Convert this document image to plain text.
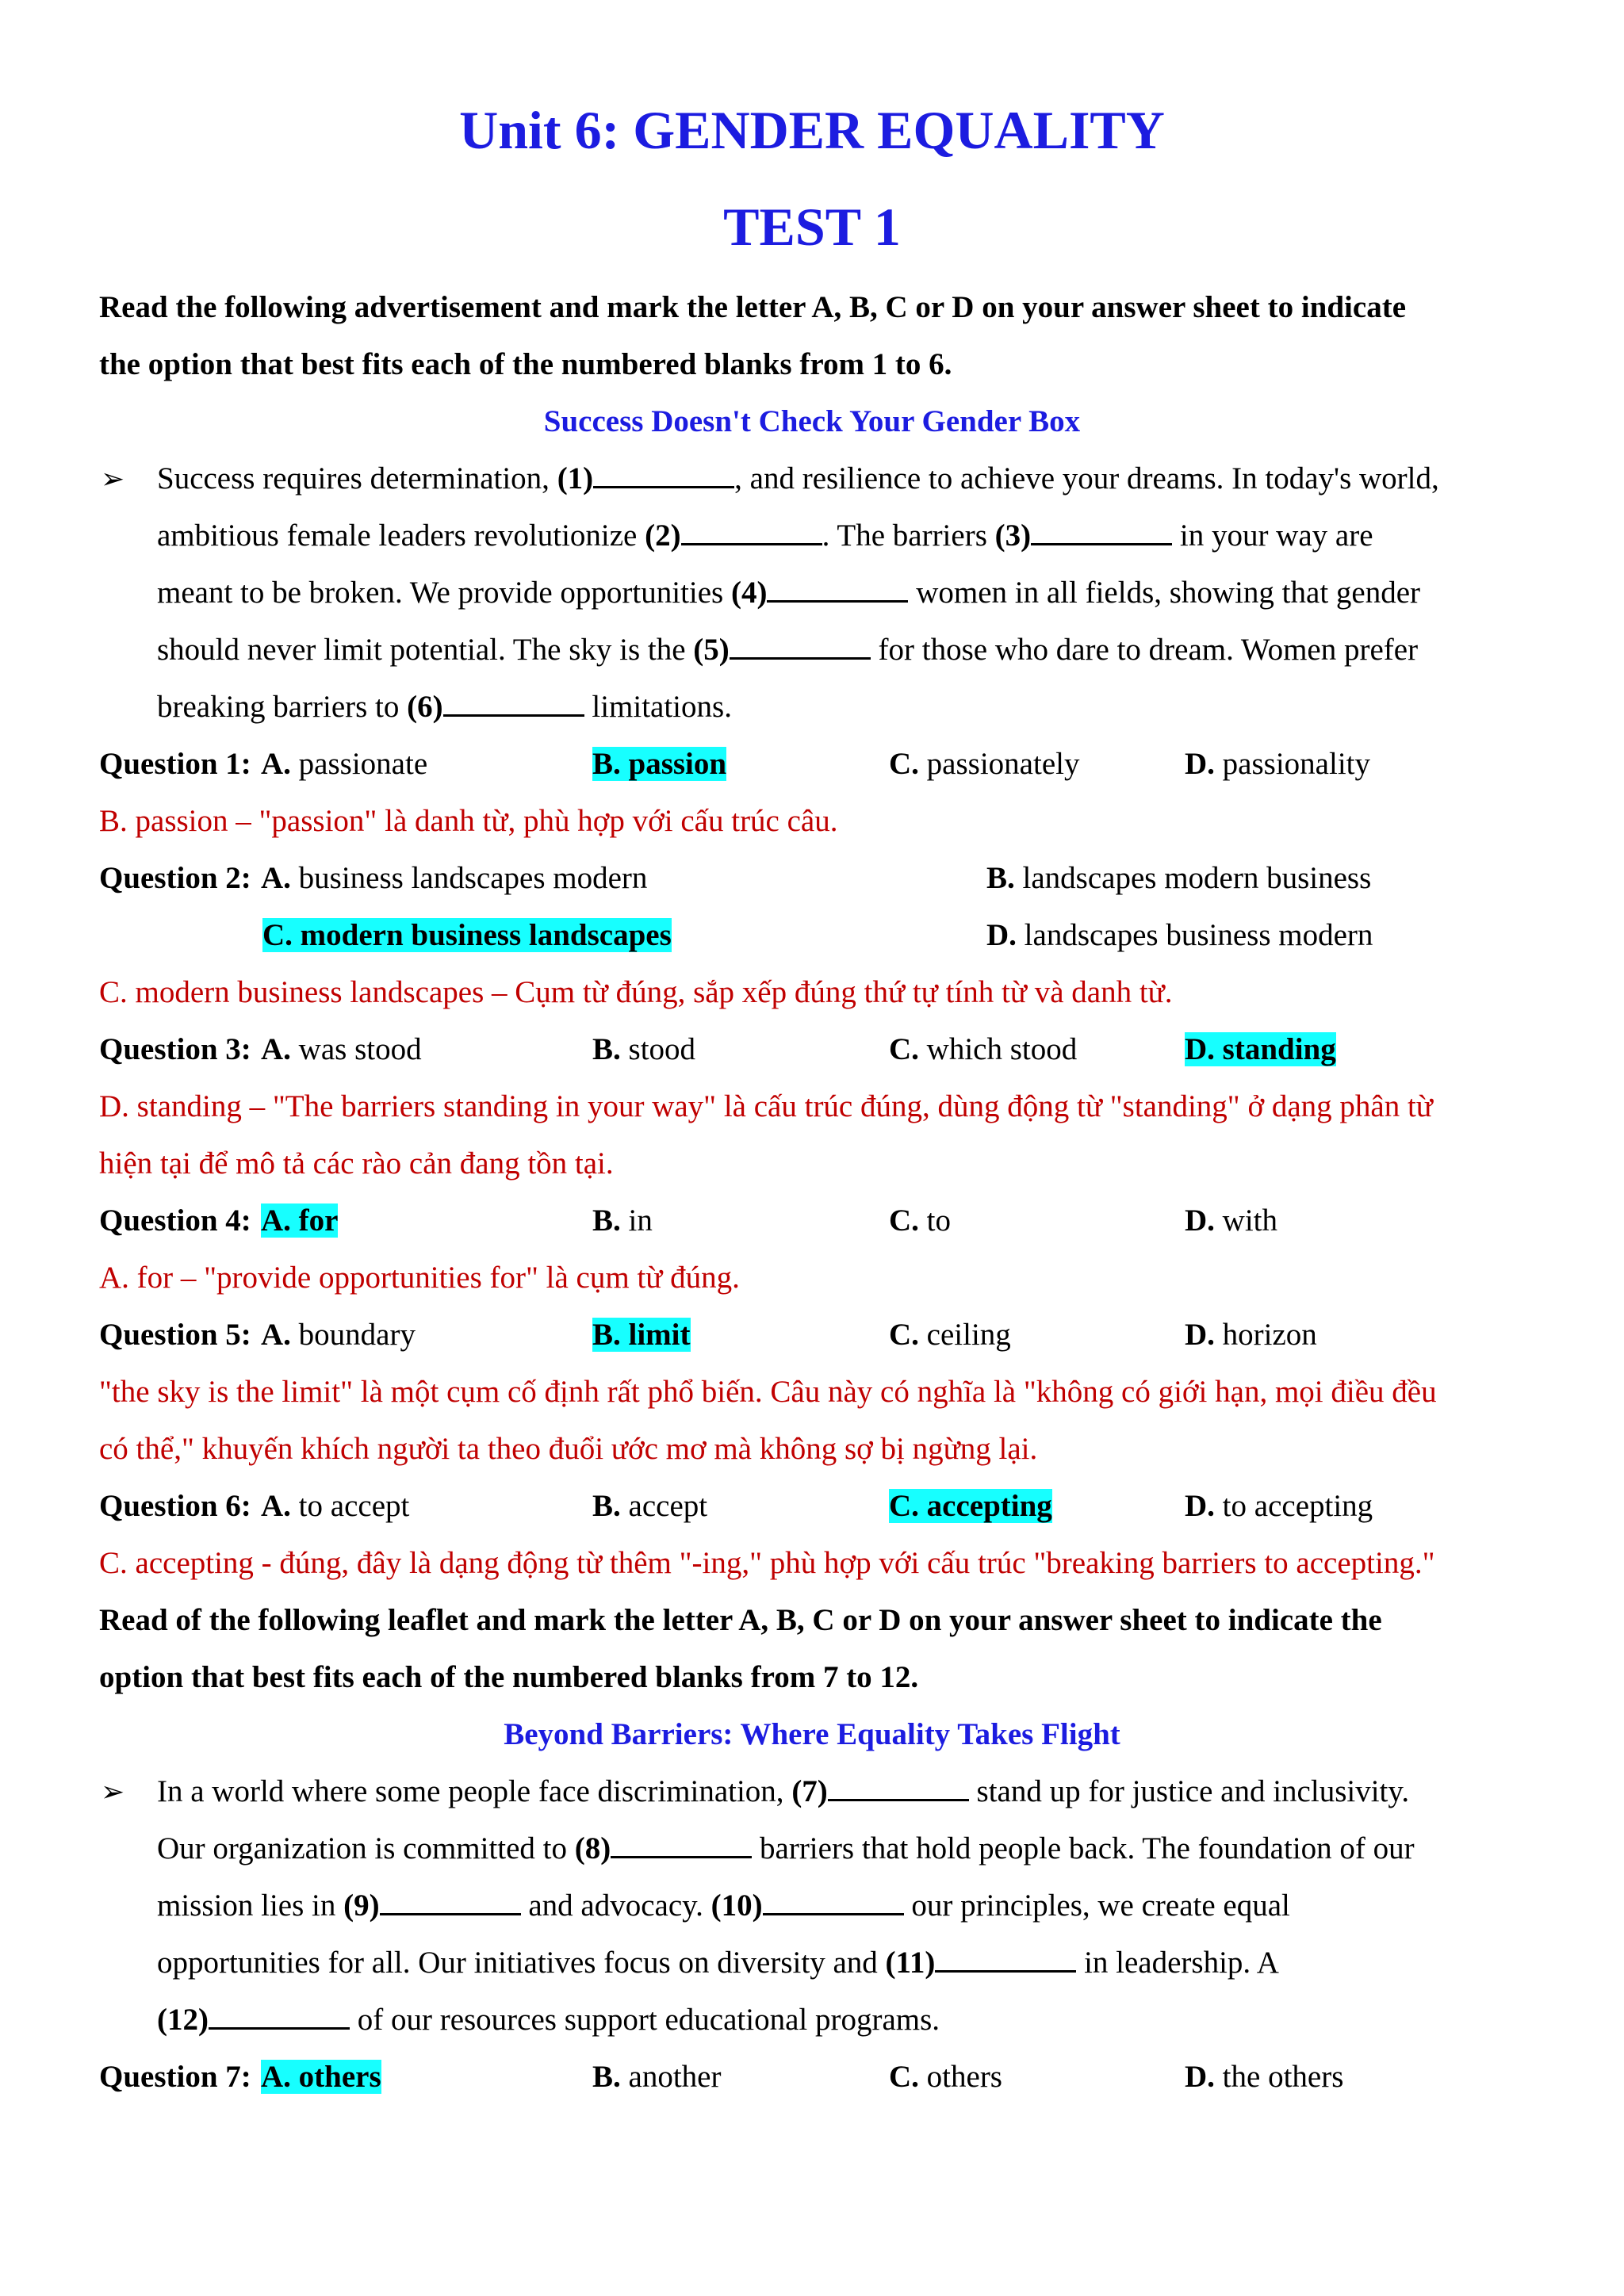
Unit 6: GENDER EQUALITY
TEST 1
Read the following advertisement and mark the letter A, B, C or D on your answer sheet to indicate
the option that best fits each of the numbered blanks from 1 to 6.
Success Doesn't Check Your Gender Box
➢ Success requires determination, (1)	, and resilience to achieve your dreams. In today's world,
ambitious female leaders revolutionize (2)	. The barriers (3)	in your way are
meant to be broken. We provide opportunities (4)	women in all fields, showing that gender
should never limit potential. The sky is the (5)	for those who dare to dream. Women prefer
breaking barriers to (6)	limitations.
Question 1: A. passionate	B. passion	C. passionately	D. passionality
B. passion – "passion" là danh từ, phù hợp với cấu trúc câu.
Question 2: A. business landscapes modern	B. landscapes modern business
C. modern business landscapes	D. landscapes business modern
C. modern business landscapes – Cụm từ đúng, sắp xếp đúng thứ tự tính từ và danh từ.
Question 3: A. was stood	B. stood	C. which stood	D. standing
D. standing – "The barriers standing in your way" là cấu trúc đúng, dùng động từ "standing" ở dạng phân từ
hiện tại để mô tả các rào cản đang tồn tại.
Question 4: A. for	B. in	C. to	D. with
A. for – "provide opportunities for" là cụm từ đúng.
Question 5: A. boundary	B. limit	C. ceiling	D. horizon
"the sky is the limit" là một cụm cố định rất phổ biến. Câu này có nghĩa là "không có giới hạn, mọi điều đều
có thể," khuyến khích người ta theo đuổi ước mơ mà không sợ bị ngừng lại.
Question 6: A. to accept	B. accept	C. accepting	D. to accepting
C. accepting - đúng, đây là dạng động từ thêm "-ing," phù hợp với cấu trúc "breaking barriers to accepting."
Read of the following leaflet and mark the letter A, B, C or D on your answer sheet to indicate the
option that best fits each of the numbered blanks from 7 to 12.
Beyond Barriers: Where Equality Takes Flight
➢ In a world where some people face discrimination, (7)	stand up for justice and inclusivity.
Our organization is committed to (8)	barriers that hold people back. The foundation of our
mission lies in (9)	and advocacy. (10)	our principles, we create equal
opportunities for all. Our initiatives focus on diversity and (11)	in leadership. A
(12)	of our resources support educational programs.
Question 7: A. others	B. another	C. others	D. the others
